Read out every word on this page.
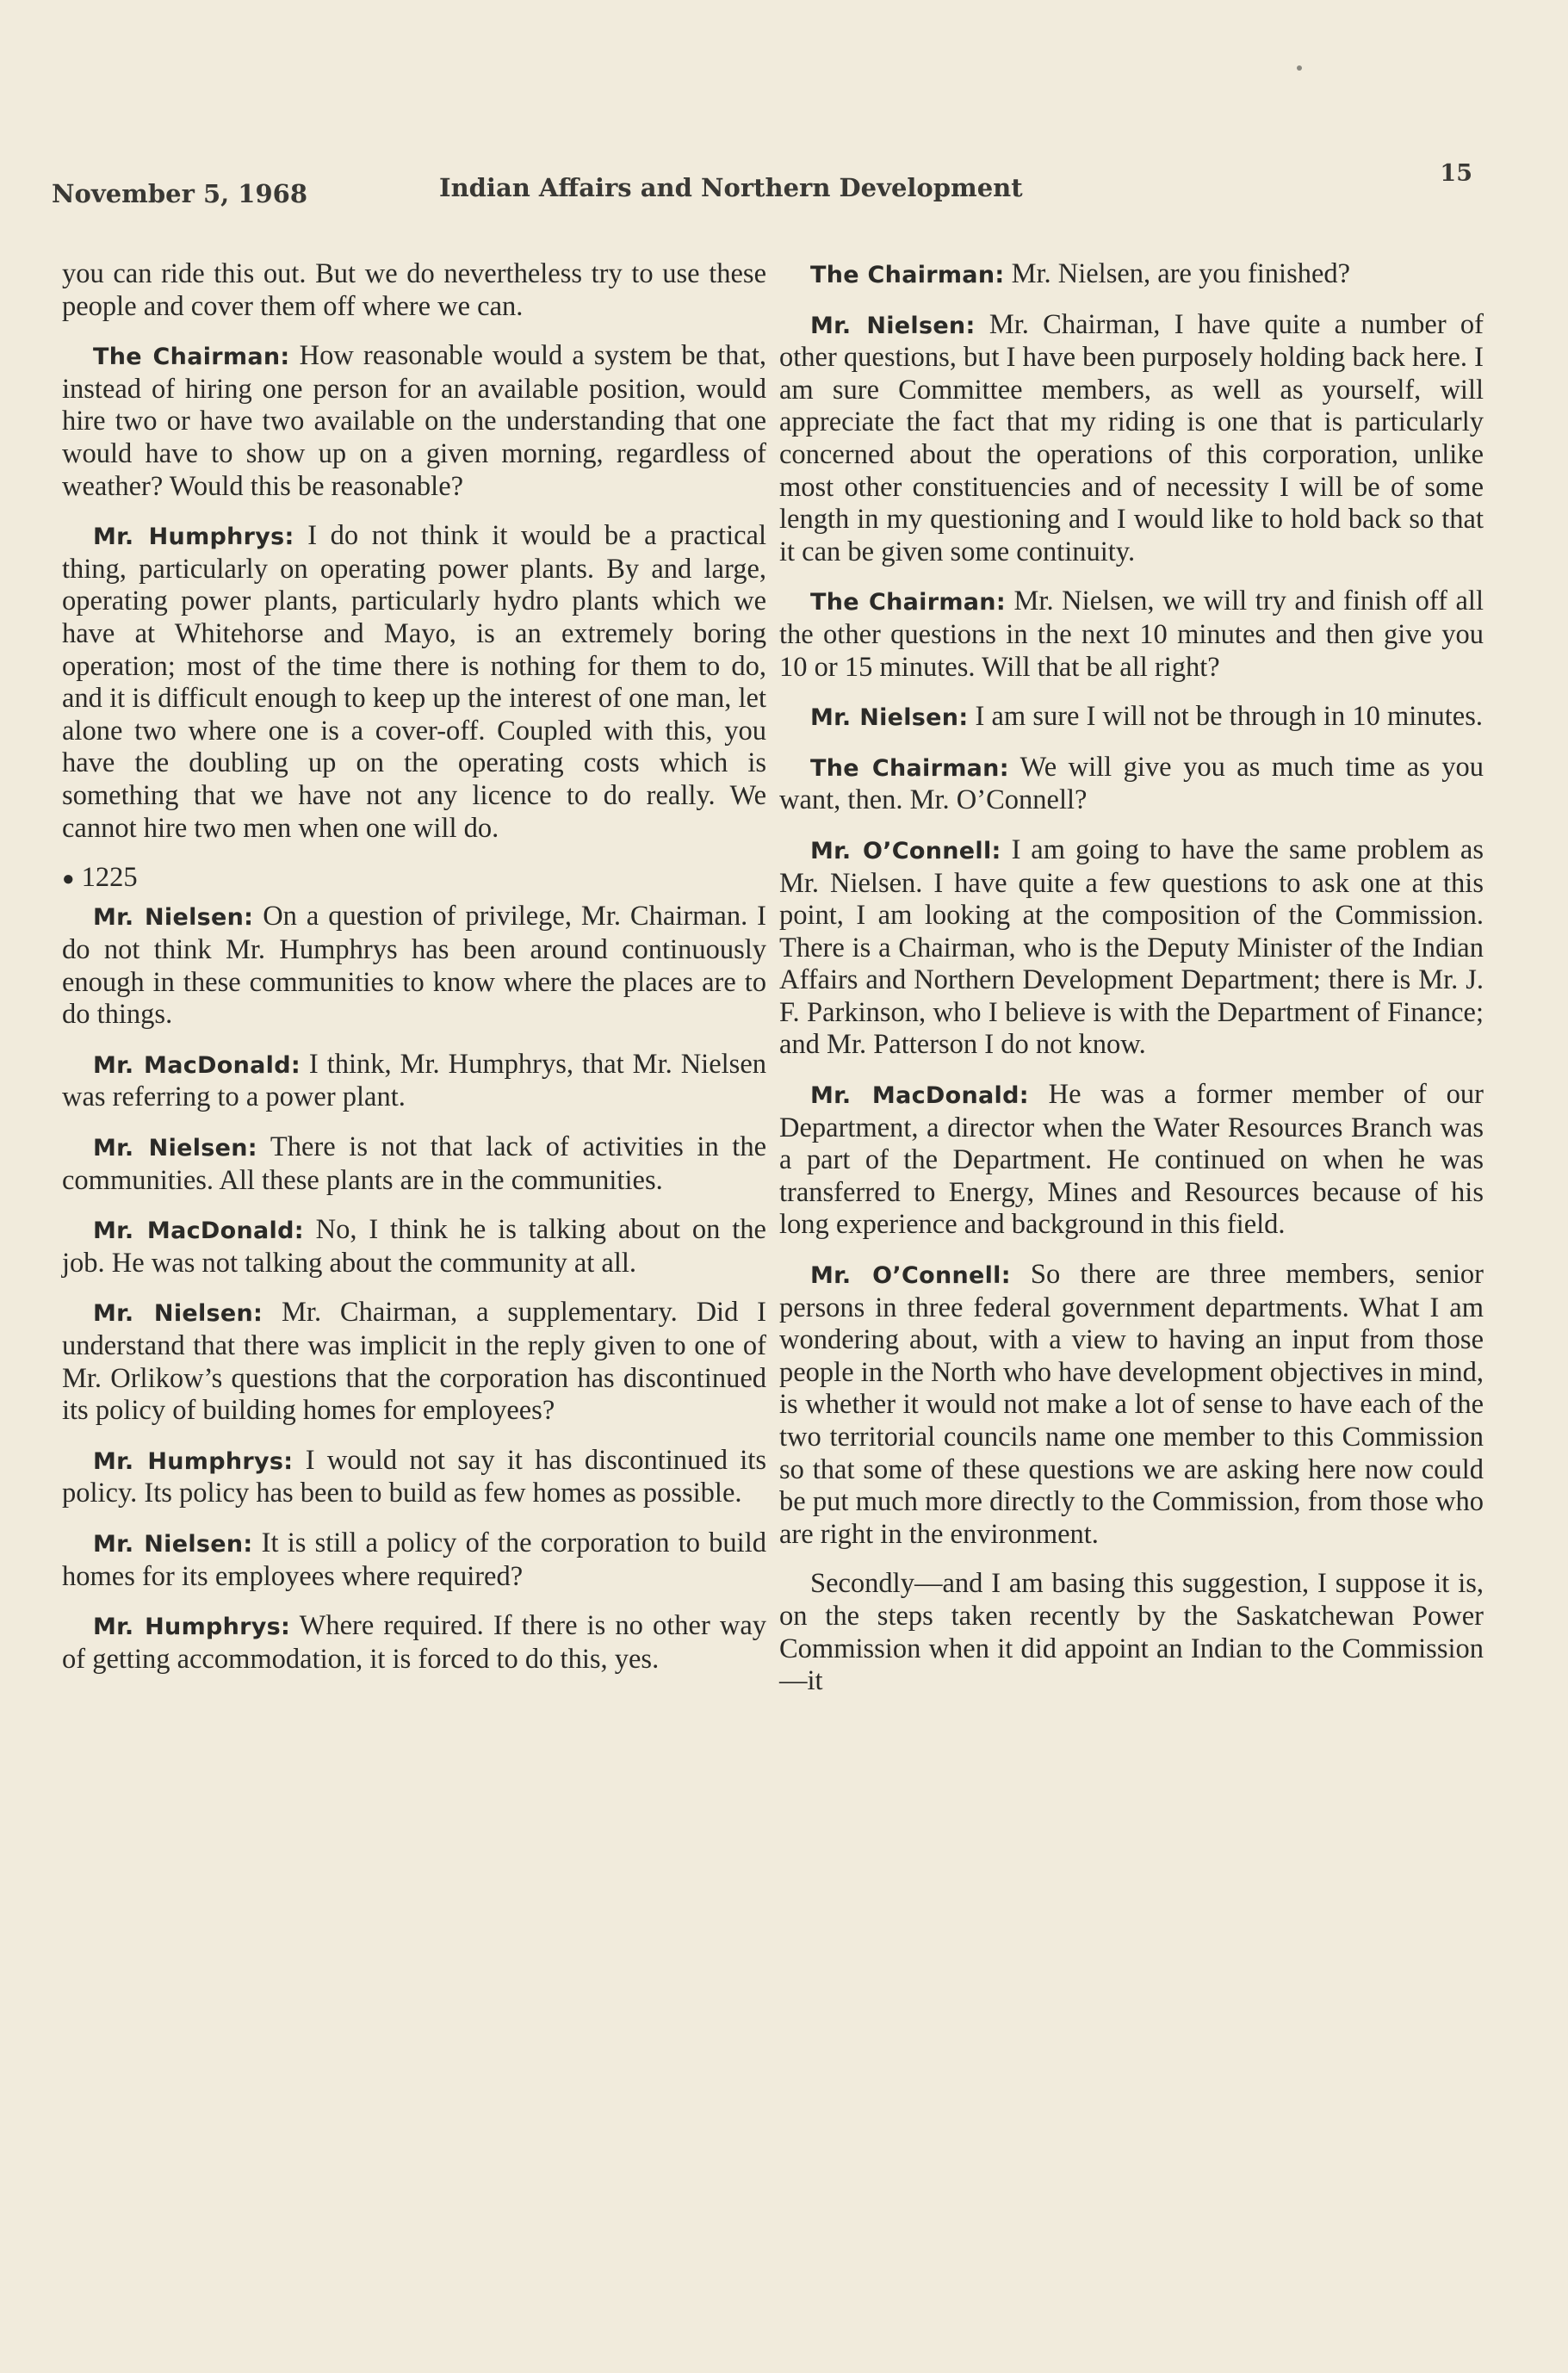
November 5, 1968	Indian Affairs and Northern Development	15

you can ride this out. But we do nevertheless try to use these people and cover them off where we can.

The Chairman: How reasonable would a system be that, instead of hiring one person for an available position, would hire two or have two available on the understanding that one would have to show up on a given morning, regardless of weather? Would this be reasonable?

Mr. Humphrys: I do not think it would be a practical thing, particularly on operating power plants. By and large, operating power plants, particularly hydro plants which we have at Whitehorse and Mayo, is an extremely boring operation; most of the time there is nothing for them to do, and it is difficult enough to keep up the interest of one man, let alone two where one is a cover-off. Coupled with this, you have the doubling up on the operating costs which is something that we have not any licence to do really. We cannot hire two men when one will do.

● 1225

Mr. Nielsen: On a question of privilege, Mr. Chairman. I do not think Mr. Humphrys has been around continuously enough in these communities to know where the places are to do things.

Mr. MacDonald: I think, Mr. Humphrys, that Mr. Nielsen was referring to a power plant.

Mr. Nielsen: There is not that lack of activities in the communities. All these plants are in the communities.

Mr. MacDonald: No, I think he is talking about on the job. He was not talking about the community at all.

Mr. Nielsen: Mr. Chairman, a supplementary. Did I understand that there was implicit in the reply given to one of Mr. Orlikow’s questions that the corporation has discontinued its policy of building homes for employees?

Mr. Humphrys: I would not say it has discontinued its policy. Its policy has been to build as few homes as possible.

Mr. Nielsen: It is still a policy of the corporation to build homes for its employees where required?

Mr. Humphrys: Where required. If there is no other way of getting accommodation, it is forced to do this, yes.

The Chairman: Mr. Nielsen, are you finished?

Mr. Nielsen: Mr. Chairman, I have quite a number of other questions, but I have been purposely holding back here. I am sure Committee members, as well as yourself, will appreciate the fact that my riding is one that is particularly concerned about the operations of this corporation, unlike most other constituencies and of necessity I will be of some length in my questioning and I would like to hold back so that it can be given some continuity.

The Chairman: Mr. Nielsen, we will try and finish off all the other questions in the next 10 minutes and then give you 10 or 15 minutes. Will that be all right?

Mr. Nielsen: I am sure I will not be through in 10 minutes.

The Chairman: We will give you as much time as you want, then. Mr. O’Connell?

Mr. O’Connell: I am going to have the same problem as Mr. Nielsen. I have quite a few questions to ask one at this point, I am looking at the composition of the Commission. There is a Chairman, who is the Deputy Minister of the Indian Affairs and Northern Development Department; there is Mr. J. F. Parkinson, who I believe is with the Department of Finance; and Mr. Patterson I do not know.

Mr. MacDonald: He was a former member of our Department, a director when the Water Resources Branch was a part of the Department. He continued on when he was transferred to Energy, Mines and Resources because of his long experience and background in this field.

Mr. O’Connell: So there are three members, senior persons in three federal government departments. What I am wondering about, with a view to having an input from those people in the North who have development objectives in mind, is whether it would not make a lot of sense to have each of the two territorial councils name one member to this Commission so that some of these questions we are asking here now could be put much more directly to the Commission, from those who are right in the environment.

Secondly—and I am basing this suggestion, I suppose it is, on the steps taken recently by the Saskatchewan Power Commission when it did appoint an Indian to the Commission—it
